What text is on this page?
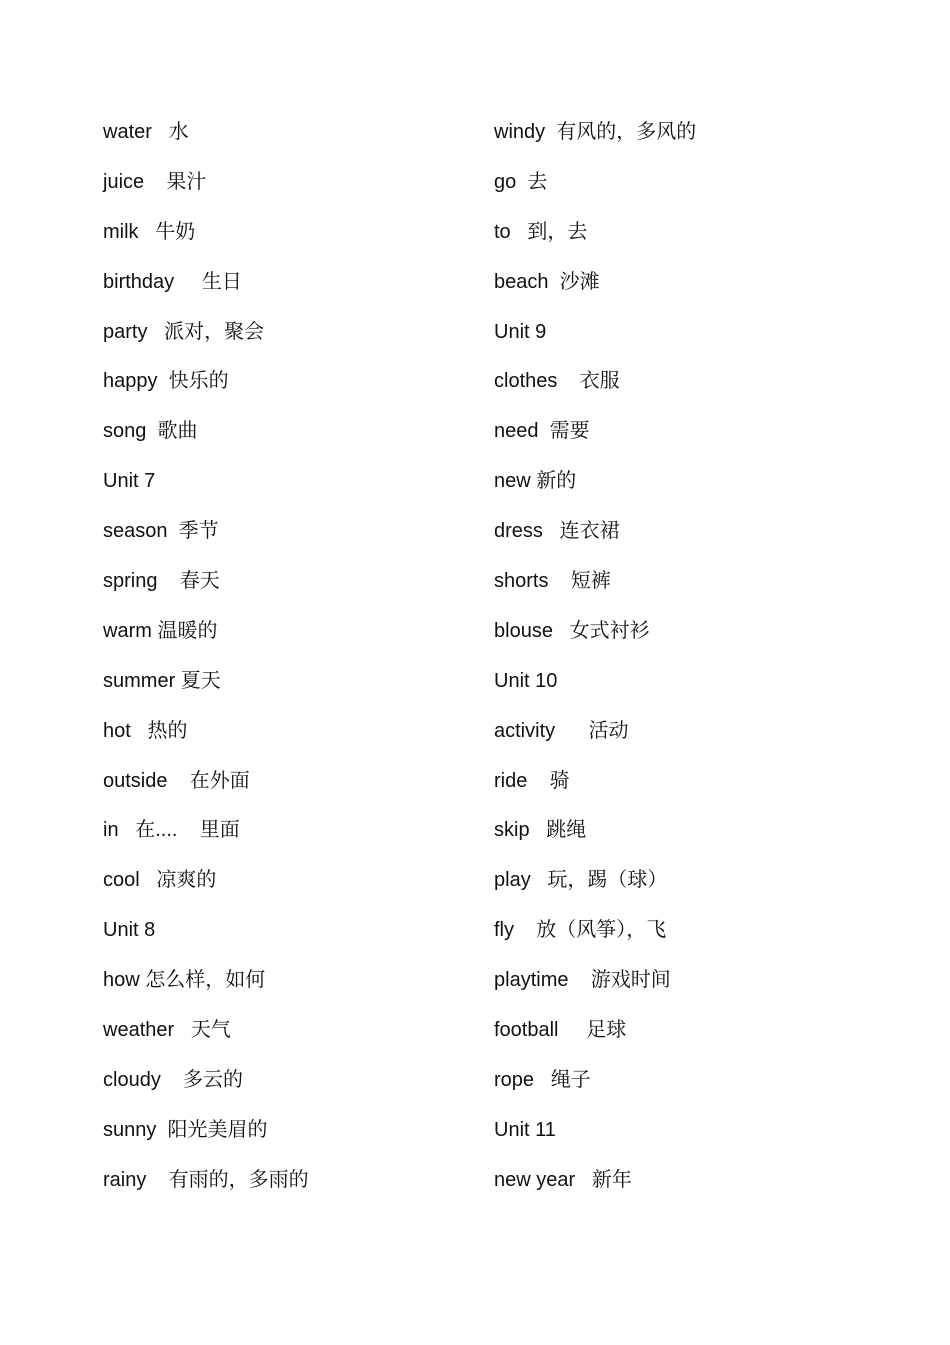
water   水
juice    果汁
milk   牛奶
birthday     生日
party   派对，聚会
happy  快乐的
song  歌曲
Unit 7
season  季节
spring    春天
warm 温暖的
summer 夏天
hot   热的
outside    在外面
in   在....    里面
cool   凉爽的
Unit 8
how 怎么样，如何
weather   天气
cloudy    多云的
sunny  阳光美眉的
rainy    有雨的，多雨的
windy  有风的，多风的
go  去
to   到，去
beach  沙滩
Unit 9
clothes    衣服
need  需要
new 新的
dress   连衣裙
shorts    短裤
blouse   女式衬衫
Unit 10
activity      活动
ride    骑
skip   跳绳
play   玩，踢（球）
fly    放（风筝），飞
playtime    游戏时间
football     足球
rope   绳子
Unit 11
new year   新年
